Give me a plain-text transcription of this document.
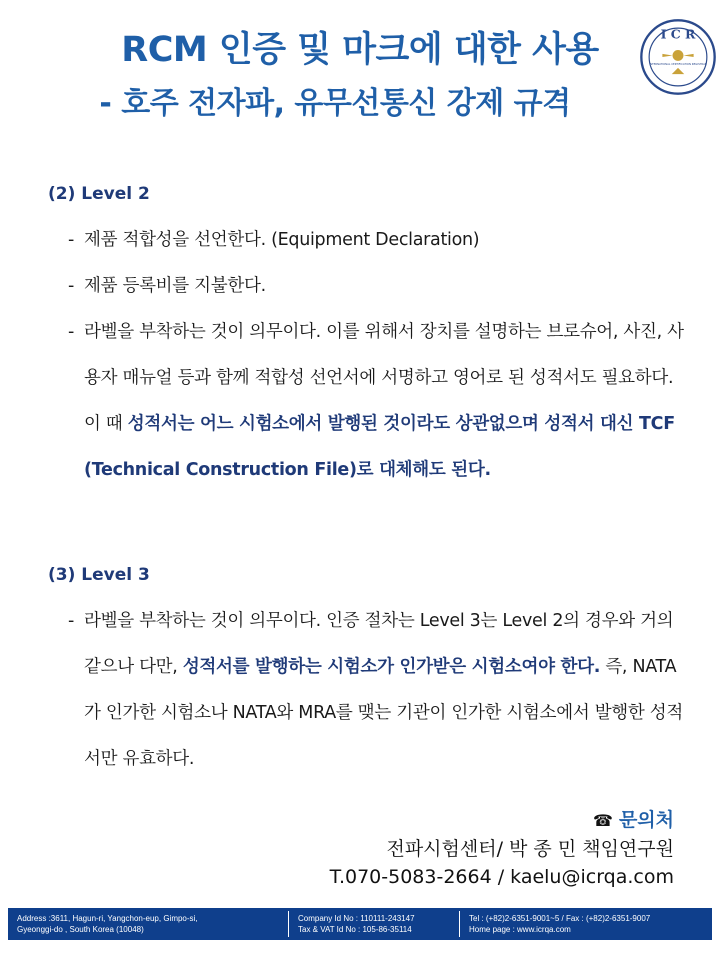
RCM 인증 및 마크에 대한 사용
- 호주 전자파, 유무선통신 강제 규격
I C R
INTERNATIONAL CERTIFICATION REGISTRAR
(2) Level 2
- 제품 적합성을 선언한다. (Equipment Declaration)
- 제품 등록비를 지불한다.
- 라벨을 부착하는 것이 의무이다. 이를 위해서 장치를 설명하는 브로슈어, 사진, 사용자 매뉴얼 등과 함께 적합성 선언서에 서명하고 영어로 된 성적서도 필요하다. 이 때 성적서는 어느 시험소에서 발행된 것이라도 상관없으며 성적서 대신 TCF (Technical Construction File)로 대체해도 된다.
(3) Level 3
- 라벨을 부착하는 것이 의무이다. 인증 절차는 Level 3는 Level 2의 경우와 거의 같으나 다만, 성적서를 발행하는 시험소가 인가받은 시험소여야 한다. 즉, NATA가 인가한 시험소나 NATA와 MRA를 맺는 기관이 인가한 시험소에서 발행한 성적서만 유효하다.
☎ 문의처
전파시험센터/ 박 종 민 책임연구원
T.070-5083-2664 / kaelu@icrqa.com
Address :3611, Hagun-ri, Yangchon-eup, Gimpo-si,
Gyeonggi-do , South Korea (10048)
Company Id No : 110111-243147
Tax & VAT Id No : 105-86-35114
Tel : (+82)2-6351-9001~5 / Fax : (+82)2-6351-9007
Home page : www.icrqa.com
